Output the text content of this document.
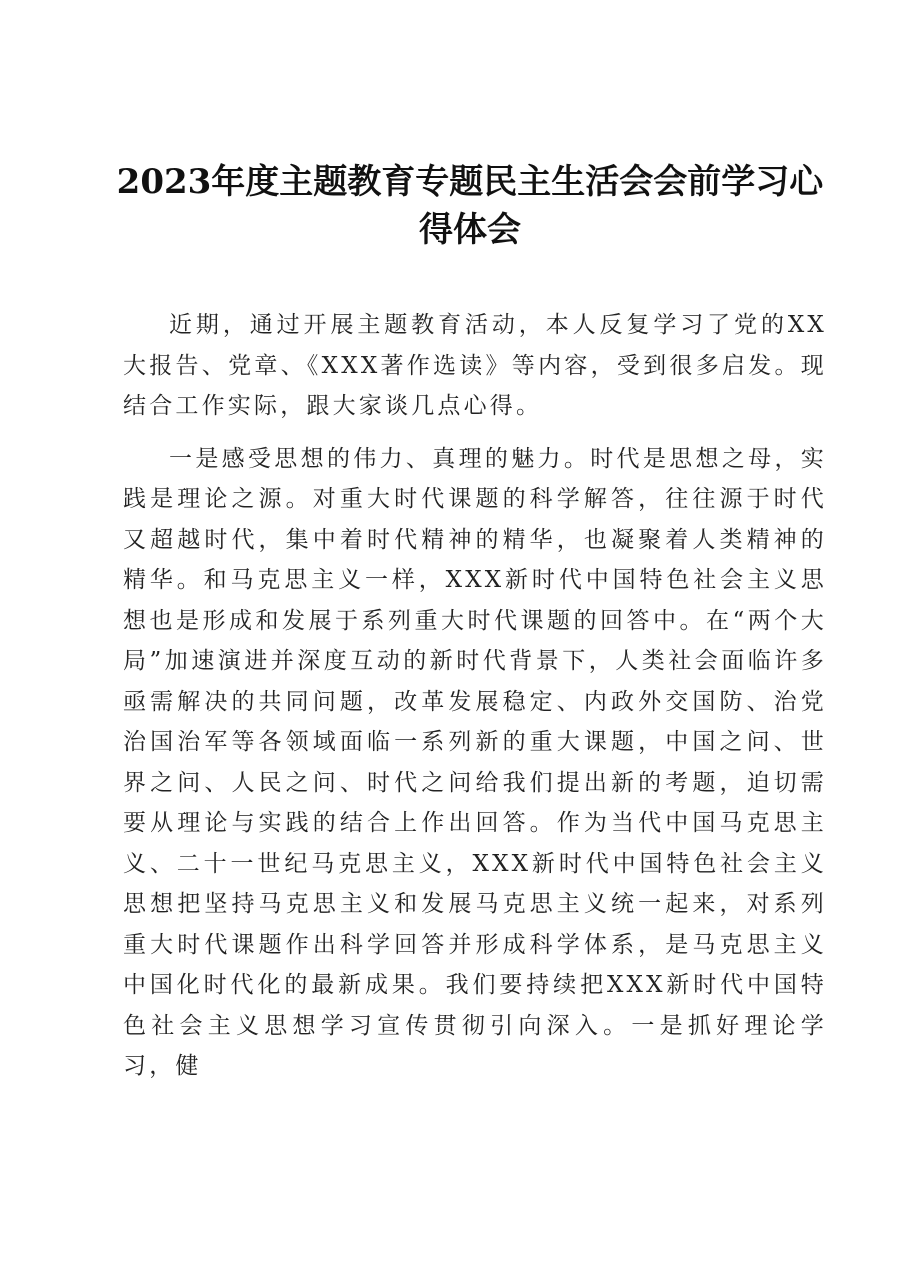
2023年度主题教育专题民主生活会会前学习心得体会

近期，通过开展主题教育活动，本人反复学习了党的XX大报告、党章、《XXX著作选读》等内容，受到很多启发。现结合工作实际，跟大家谈几点心得。

一是感受思想的伟力、真理的魅力。时代是思想之母，实践是理论之源。对重大时代课题的科学解答，往往源于时代又超越时代，集中着时代精神的精华，也凝聚着人类精神的精华。和马克思主义一样，XXX新时代中国特色社会主义思想也是形成和发展于系列重大时代课题的回答中。在“两个大局”加速演进并深度互动的新时代背景下，人类社会面临许多亟需解决的共同问题，改革发展稳定、内政外交国防、治党治国治军等各领域面临一系列新的重大课题，中国之问、世界之问、人民之问、时代之问给我们提出新的考题，迫切需要从理论与实践的结合上作出回答。作为当代中国马克思主义、二十一世纪马克思主义，XXX新时代中国特色社会主义思想把坚持马克思主义和发展马克思主义统一起来，对系列重大时代课题作出科学回答并形成科学体系，是马克思主义中国化时代化的最新成果。我们要持续把XXX新时代中国特色社会主义思想学习宣传贯彻引向深入。一是抓好理论学习，健
